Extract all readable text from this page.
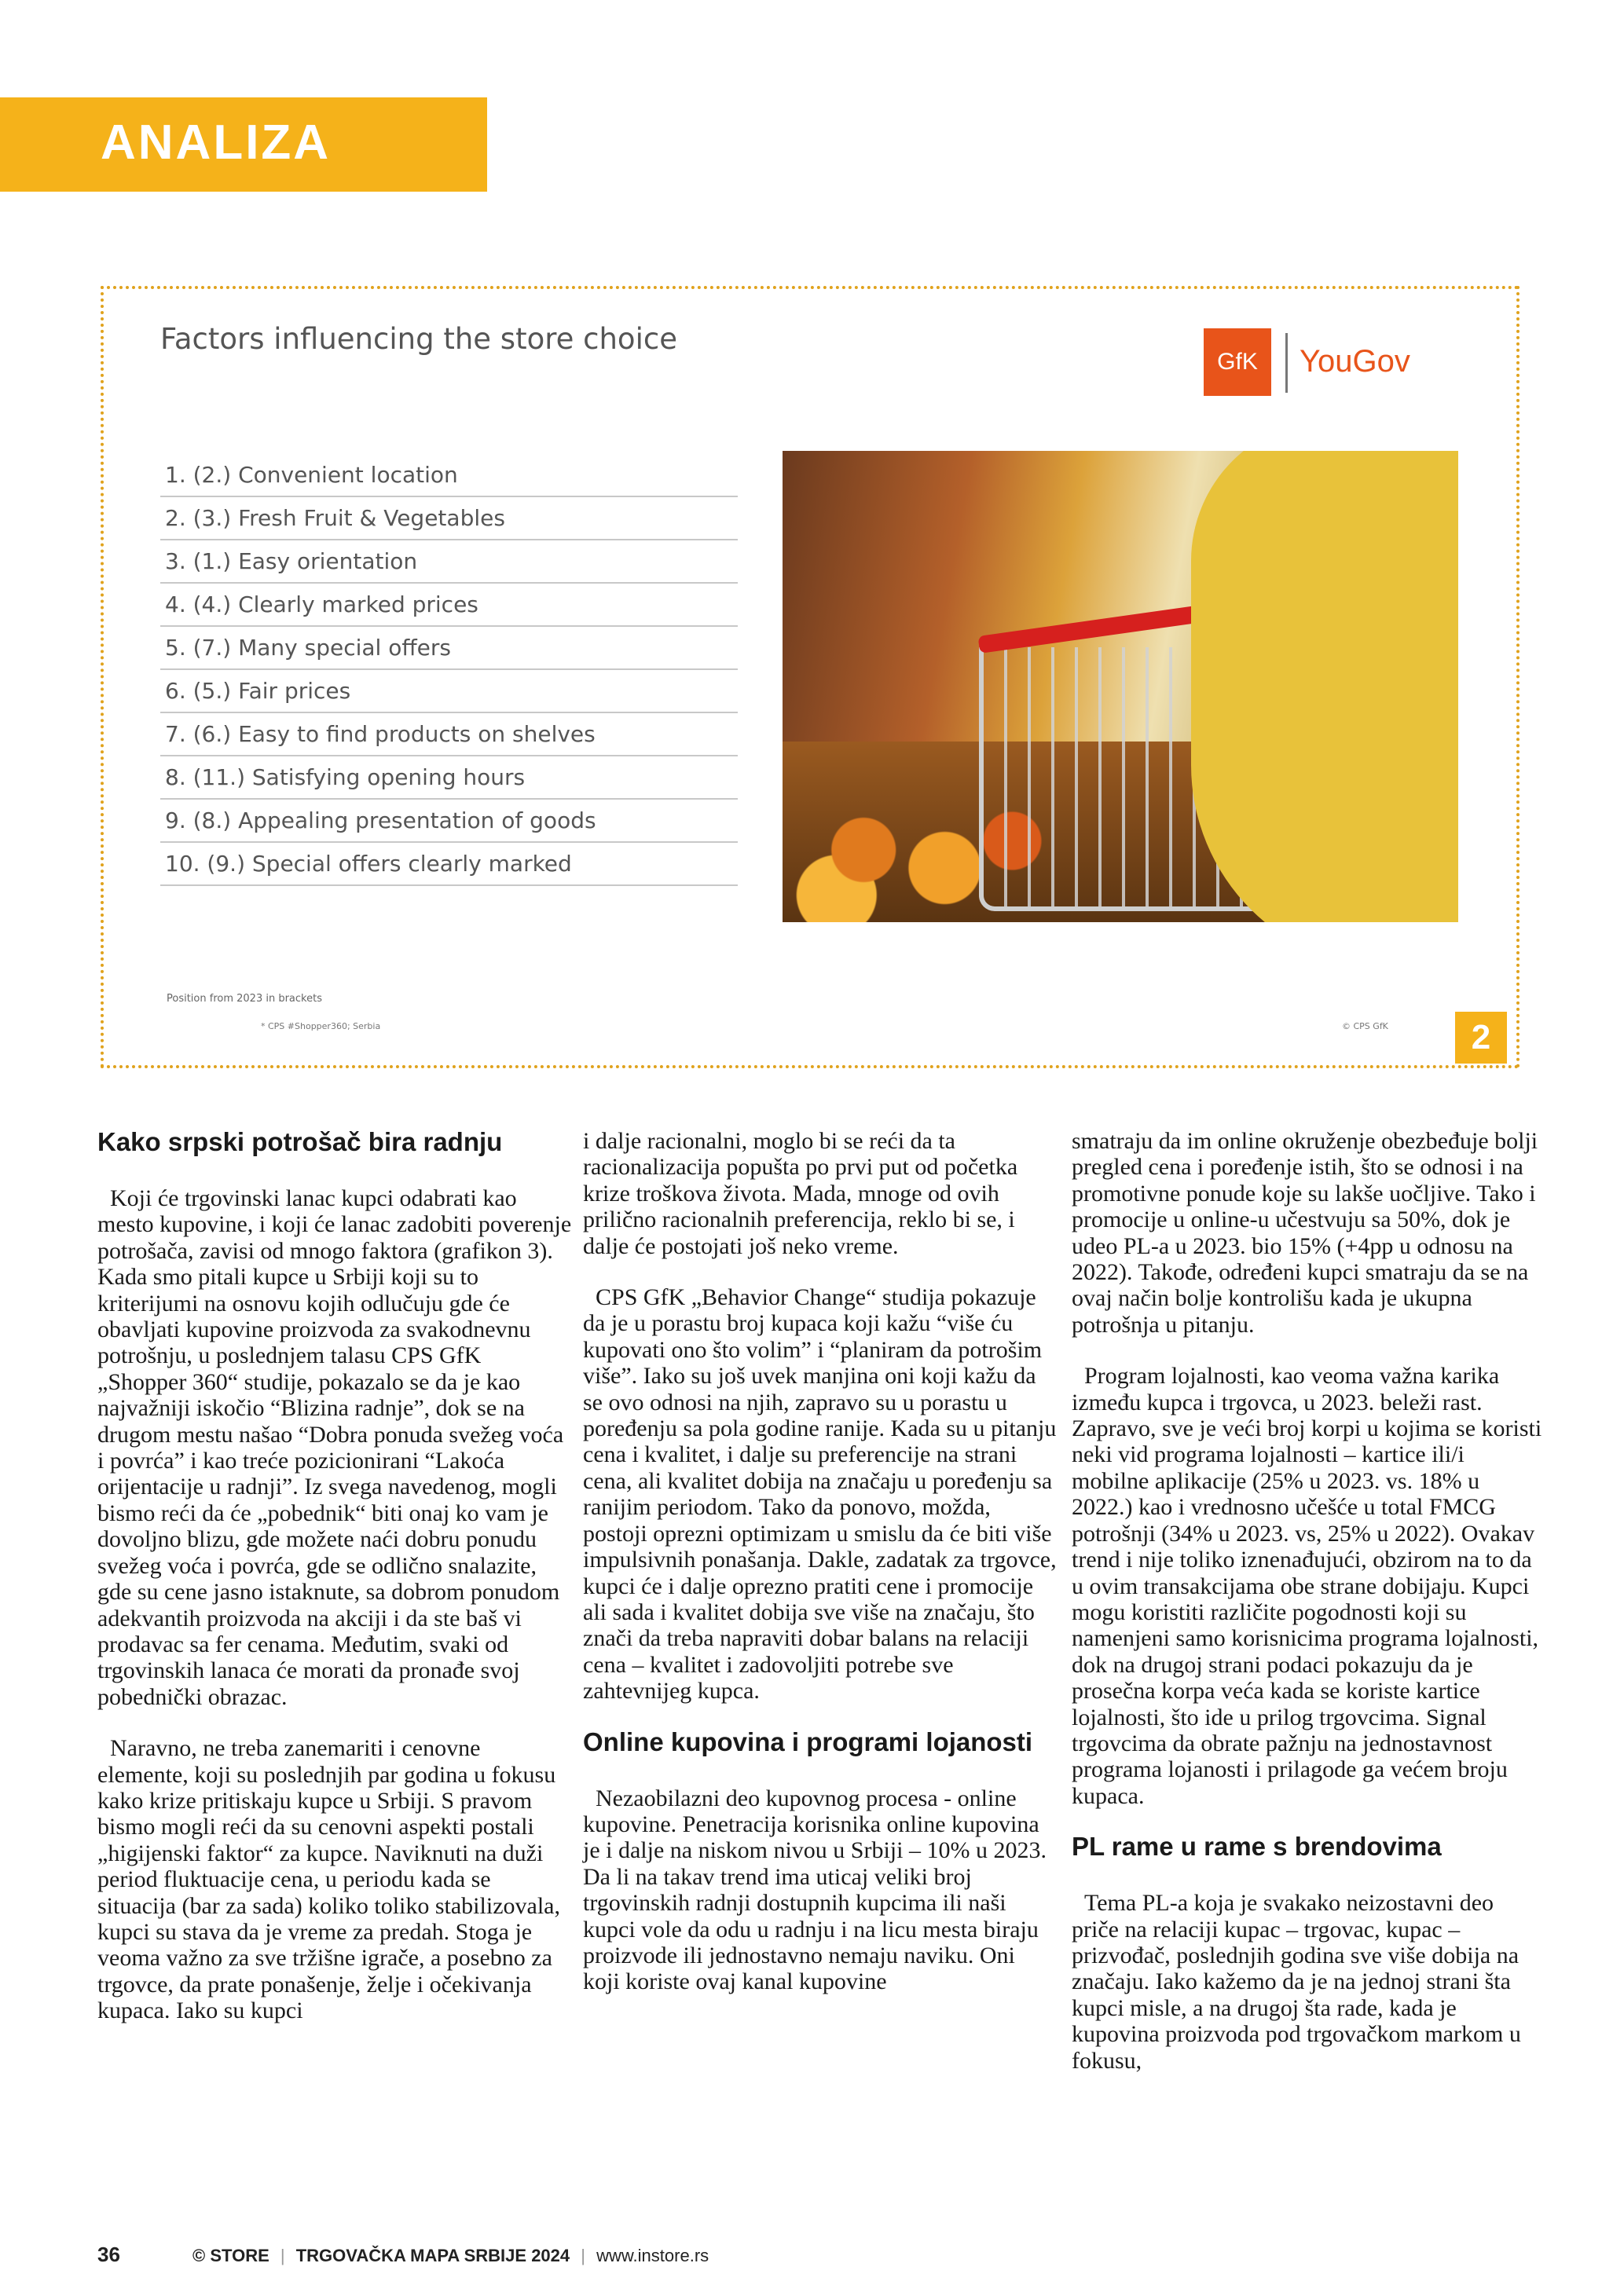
ANALIZA
Factors influencing the store choice
GfK	YouGov
1. (2.) Convenient location
2. (3.) Fresh Fruit & Vegetables
3. (1.) Easy orientation
4. (4.) Clearly marked prices
5. (7.) Many special offers
6. (5.) Fair prices
7. (6.) Easy to find products on shelves
8. (11.) Satisfying opening hours
9. (8.) Appealing presentation of goods
10. (9.) Special offers clearly marked
Position from 2023 in brackets
* CPS #Shopper360; Serbia	© CPS GfK	2
Kako srpski potrošač bira radnju

Koji će trgovinski lanac kupci odabrati kao mesto kupovine, i koji će lanac zadobiti poverenje potrošača, zavisi od mnogo faktora (grafikon 3). Kada smo pitali kupce u Srbiji koji su to kriterijumi na osnovu kojih odlučuju gde će obavljati kupovine proizvoda za svakodnevnu potrošnju, u poslednjem talasu CPS GfK „Shopper 360“ studije, pokazalo se da je kao najvažniji iskočio “Blizina radnje”, dok se na drugom mestu našao “Dobra ponuda svežeg voća i povrća” i kao treće pozicionirani “Lakoća orijentacije u radnji”. Iz svega navedenog, mogli bismo reći da će „pobednik“ biti onaj ko vam je dovoljno blizu, gde možete naći dobru ponudu svežeg voća i povrća, gde se odlično snalazite, gde su cene jasno istaknute, sa dobrom ponudom adekvantih proizvoda na akciji i da ste baš vi prodavac sa fer cenama. Međutim, svaki od trgovinskih lanaca će morati da pronađe svoj pobednički obrazac.

Naravno, ne treba zanemariti i cenovne elemente, koji su poslednjih par godina u fokusu kako krize pritiskaju kupce u Srbiji. S pravom bismo mogli reći da su cenovni aspekti postali „higijenski faktor“ za kupce. Naviknuti na duži period fluktuacije cena, u periodu kada se situacija (bar za sada) koliko toliko stabilizovala, kupci su stava da je vreme za predah. Stoga je veoma važno za sve tržišne igrače, a posebno za trgovce, da prate ponašenje, želje i očekivanja kupaca. Iako su kupci

i dalje racionalni, moglo bi se reći da ta racionalizacija popušta po prvi put od početka krize troškova života. Mada, mnoge od ovih prilično racionalnih preferencija, reklo bi se, i dalje će postojati još neko vreme.

CPS GfK „Behavior Change“ studija pokazuje da je u porastu broj kupaca koji kažu “više ću kupovati ono što volim” i “planiram da potrošim više”. Iako su još uvek manjina oni koji kažu da se ovo odnosi na njih, zapravo su u porastu u poređenju sa pola godine ranije. Kada su u pitanju cena i kvalitet, i dalje su preferencije na strani cena, ali kvalitet dobija na značaju u poređenju sa ranijim periodom. Tako da ponovo, možda, postoji oprezni optimizam u smislu da će biti više impulsivnih ponašanja. Dakle, zadatak za trgovce, kupci će i dalje oprezno pratiti cene i promocije ali sada i kvalitet dobija sve više na značaju, što znači da treba napraviti dobar balans na relaciji cena – kvalitet i zadovoljiti potrebe sve zahtevnijeg kupca.

Online kupovina i programi lojanosti

Nezaobilazni deo kupovnog procesa - online kupovine. Penetracija korisnika online kupovina je i dalje na niskom nivou u Srbiji – 10% u 2023. Da li na takav trend ima uticaj veliki broj trgovinskih radnji dostupnih kupcima ili naši kupci vole da odu u radnju i na licu mesta biraju proizvode ili jednostavno nemaju naviku. Oni koji koriste ovaj kanal kupovine

smatraju da im online okruženje obezbeđuje bolji pregled cena i poređenje istih, što se odnosi i na promotivne ponude koje su lakše uočljive. Tako i promocije u online-u učestvuju sa 50%, dok je udeo PL-a u 2023. bio 15% (+4pp u odnosu na 2022). Takođe, određeni kupci smatraju da se na ovaj način bolje kontrolišu kada je ukupna potrošnja u pitanju.

Program lojalnosti, kao veoma važna karika između kupca i trgovca, u 2023. beleži rast. Zapravo, sve je veći broj korpi u kojima se koristi neki vid programa lojalnosti – kartice ili/i mobilne aplikacije (25% u 2023. vs. 18% u 2022.) kao i vrednosno učešće u total FMCG potrošnji (34% u 2023. vs, 25% u 2022). Ovakav trend i nije toliko iznenađujući, obzirom na to da u ovim transakcijama obe strane dobijaju. Kupci mogu koristiti različite pogodnosti koji su namenjeni samo korisnicima programa lojalnosti, dok na drugoj strani podaci pokazuju da je prosečna korpa veća kada se koriste kartice lojalnosti, što ide u prilog trgovcima. Signal trgovcima da obrate pažnju na jednostavnost programa lojanosti i prilagode ga većem broju kupaca.

PL rame u rame s brendovima

Tema PL-a koja je svakako neizostavni deo priče na relaciji kupac – trgovac, kupac – prizvođač, poslednjih godina sve više dobija na značaju. Iako kažemo da je na jednoj strani šta kupci misle, a na drugoj šta rade, kada je kupovina proizvoda pod trgovačkom markom u fokusu,

36	© STORE | TRGOVAČKA MAPA SRBIJE 2024 | www.instore.rs
